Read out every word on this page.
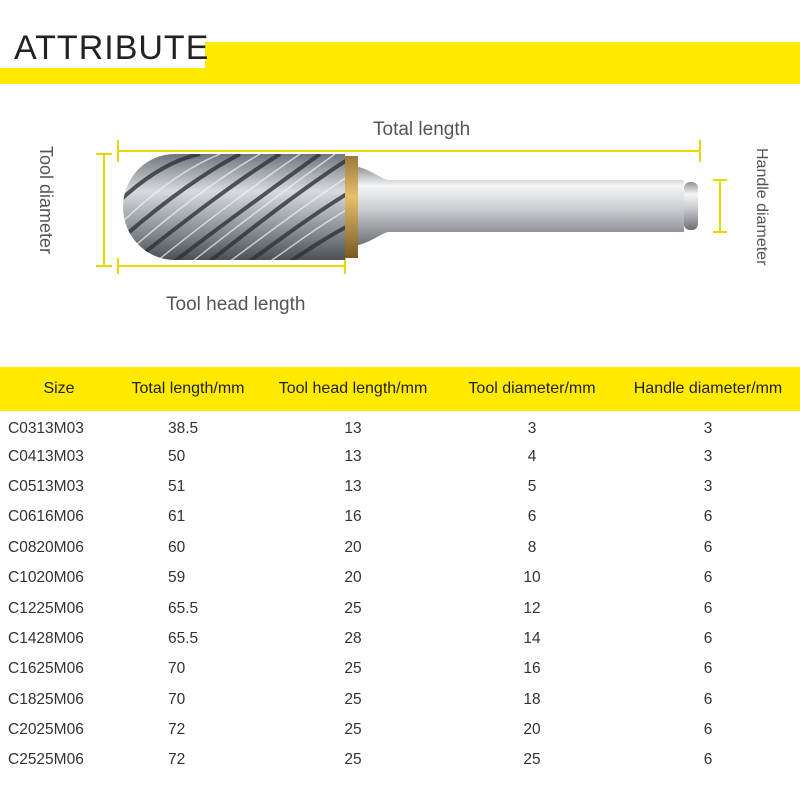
ATTRIBUTE
Total length
Tool head length
Tool diameter	Handle diameter
Size	Total length/mm	Tool head length/mm	Tool diameter/mm	Handle diameter/mm
C0313M03	38.5	13	3	3
C0413M03	50	13	4	3
C0513M03	51	13	5	3
C0616M06	61	16	6	6
C0820M06	60	20	8	6
C1020M06	59	20	10	6
C1225M06	65.5	25	12	6
C1428M06	65.5	28	14	6
C1625M06	70	25	16	6
C1825M06	70	25	18	6
C2025M06	72	25	20	6
C2525M06	72	25	25	6
